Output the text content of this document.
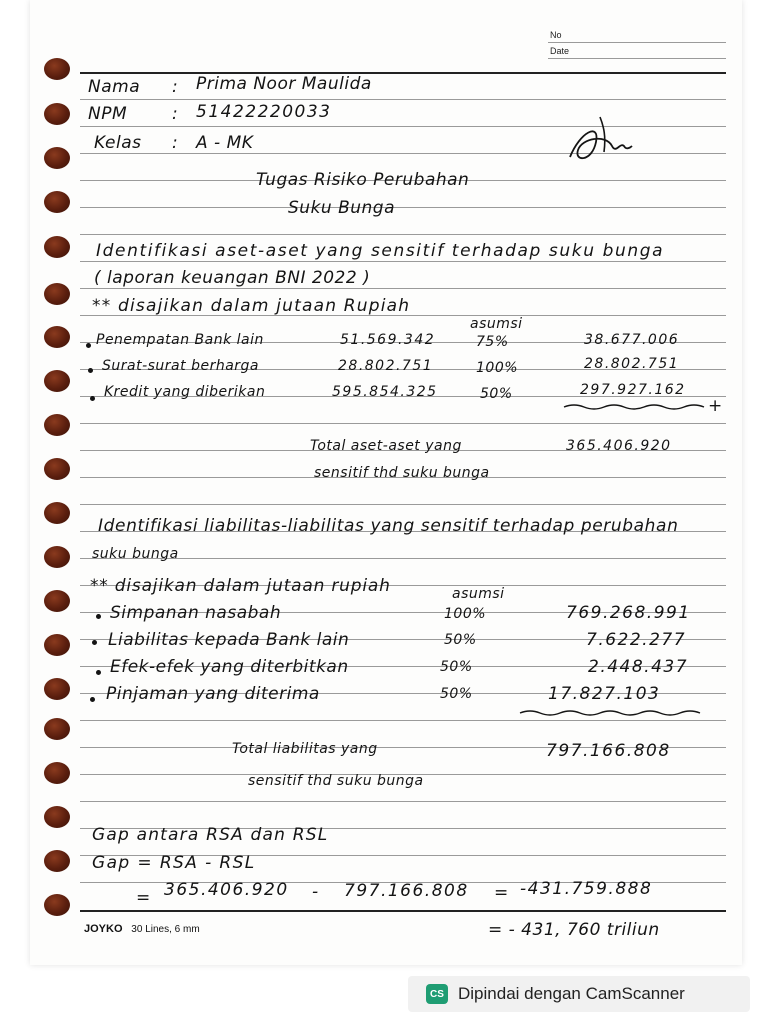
No
Date
Nama : Prima Noor Maulida
NPM	: 51422220033
Kelas : A - MK
Tugas Risiko Perubahan
Suku Bunga
Identifikasi aset-aset yang sensitif terhadap suku bunga
( laporan keuangan BNI 2022 )
** disajikan dalam jutaan Rupiah
asumsi
Penempatan Bank lain	51.569.342	75%	38.677.006
Surat-surat berharga	28.802.751	100%	28.802.751
Kredit yang diberikan	595.854.325	50%	297.927.162
+
Total aset-aset yang
sensitif thd suku bunga
365.406.920
Identifikasi liabilitas-liabilitas yang sensitif terhadap perubahan
suku bunga
** disajikan dalam jutaan rupiah	asumsi
Simpanan nasabah	100%	769.268.991
Liabilitas kepada Bank lain	50%	7.622.277
Efek-efek yang diterbitkan	50%	2.448.437
Pinjaman yang diterima	50%	17.827.103
Total liabilitas yang
sensitif thd suku bunga
797.166.808
Gap antara RSA dan RSL
Gap = RSA - RSL
= 365.406.920 - 797.166.808 = -431.759.888
= - 431, 760 triliun
JOYKO 30 Lines, 6 mm
CS Dipindai dengan CamScanner
